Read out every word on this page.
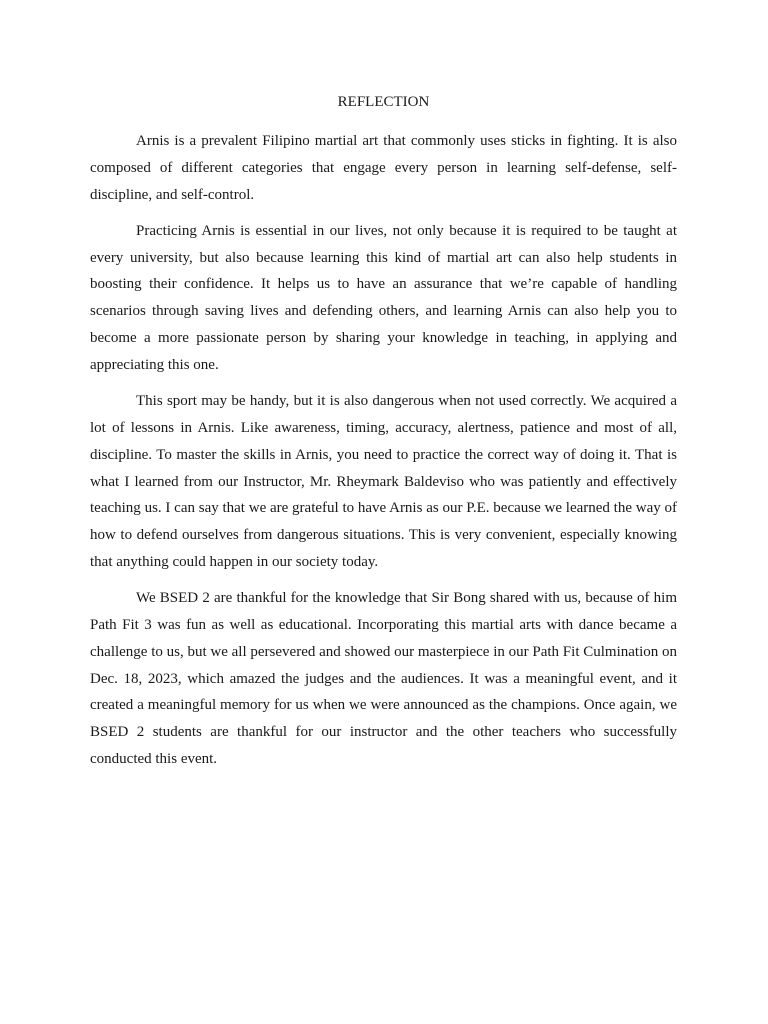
REFLECTION

Arnis is a prevalent Filipino martial art that commonly uses sticks in fighting. It is also composed of different categories that engage every person in learning self-defense, self-discipline, and self-control.

Practicing Arnis is essential in our lives, not only because it is required to be taught at every university, but also because learning this kind of martial art can also help students in boosting their confidence. It helps us to have an assurance that we’re capable of handling scenarios through saving lives and defending others, and learning Arnis can also help you to become a more passionate person by sharing your knowledge in teaching, in applying and appreciating this one.

This sport may be handy, but it is also dangerous when not used correctly. We acquired a lot of lessons in Arnis. Like awareness, timing, accuracy, alertness, patience and most of all, discipline. To master the skills in Arnis, you need to practice the correct way of doing it. That is what I learned from our Instructor, Mr. Rheymark Baldeviso who was patiently and effectively teaching us. I can say that we are grateful to have Arnis as our P.E. because we learned the way of how to defend ourselves from dangerous situations. This is very convenient, especially knowing that anything could happen in our society today.

We BSED 2 are thankful for the knowledge that Sir Bong shared with us, because of him Path Fit 3 was fun as well as educational. Incorporating this martial arts with dance became a challenge to us, but we all persevered and showed our masterpiece in our Path Fit Culmination on Dec. 18, 2023, which amazed the judges and the audiences. It was a meaningful event, and it created a meaningful memory for us when we were announced as the champions. Once again, we BSED 2 students are thankful for our instructor and the other teachers who successfully conducted this event.
